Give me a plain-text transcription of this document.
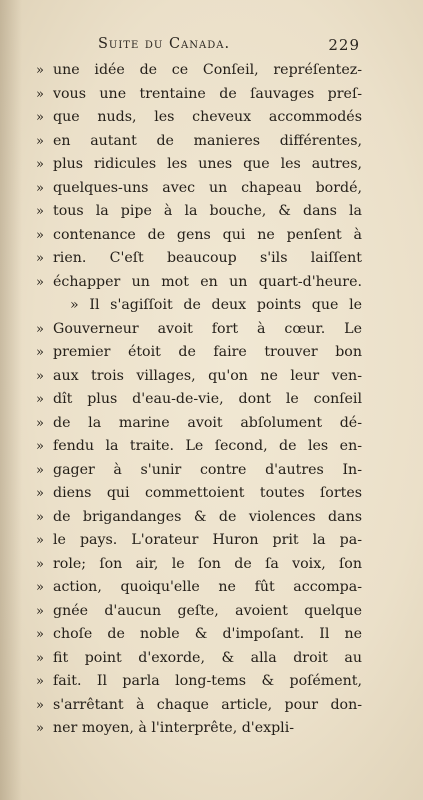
Suite du Canada.	229
» une idée de ce Conſeil, repréſentez-
» vous une trentaine de ſauvages preſ-
» que nuds, les cheveux accommodés
» en autant de manieres différentes,
» plus ridicules les unes que les autres,
» quelques-uns avec un chapeau bordé,
» tous la pipe à la bouche, & dans la
» contenance de gens qui ne penſent à
» rien. C'eſt beaucoup s'ils laiſſent
» échapper un mot en un quart-d'heure.
» Il s'agiſſoit de deux points que le
» Gouverneur avoit fort à cœur. Le
» premier étoit de faire trouver bon
» aux trois villages, qu'on ne leur ven-
» dît plus d'eau-de-vie, dont le conſeil
» de la marine avoit abſolument dé-
» fendu la traite. Le ſecond, de les en-
» gager à s'unir contre d'autres In-
» diens qui commettoient toutes ſortes
» de brigandanges & de violences dans
» le pays. L'orateur Huron prit la pa-
» role; ſon air, le ſon de ſa voix, ſon
» action, quoiqu'elle ne fût accompa-
» gnée d'aucun geſte, avoient quelque
» choſe de noble & d'impoſant. Il ne
» fit point d'exorde, & alla droit au
» fait. Il parla long-tems & poſément,
» s'arrêtant à chaque article, pour don-
» ner moyen, à l'interprête, d'expli-
